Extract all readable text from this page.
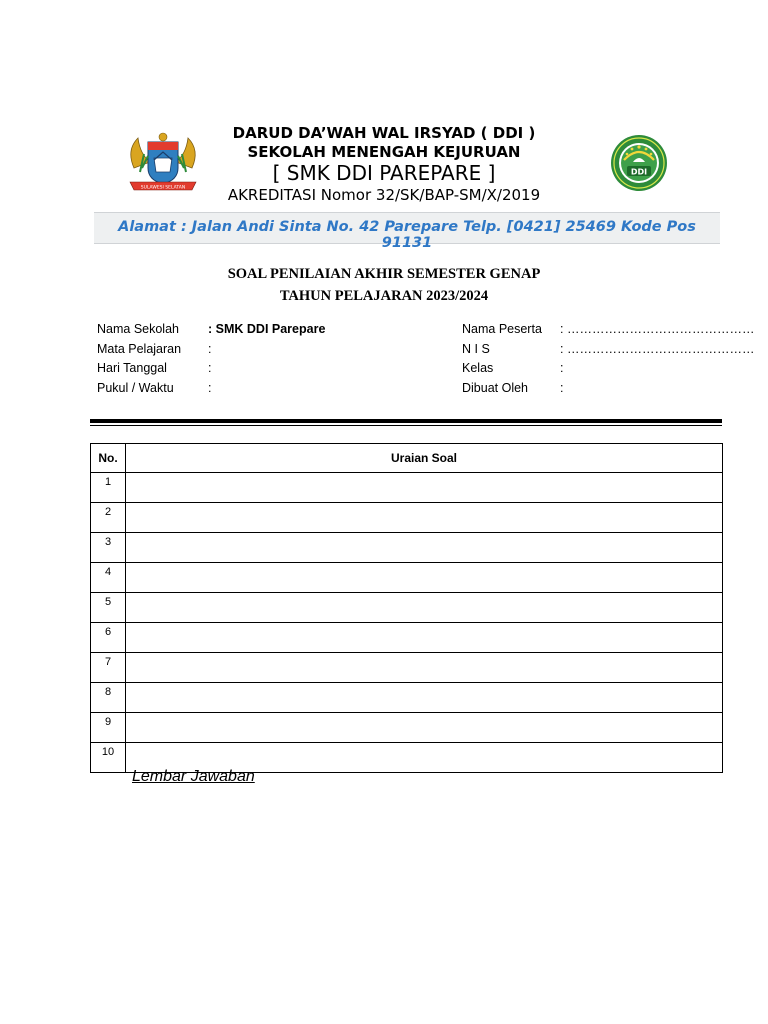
SULAWESI SELATAN
DDI
DARUD DA’WAH WAL IRSYAD ( DDI )
SEKOLAH MENENGAH KEJURUAN
[ SMK DDI PAREPARE ]
AKREDITASI Nomor 32/SK/BAP-SM/X/2019
Alamat : Jalan Andi Sinta No. 42 Parepare Telp. [0421] 25469 Kode Pos 91131
SOAL PENILAIAN AKHIR SEMESTER GENAP
TAHUN PELAJARAN 2023/2024
Nama Sekolah : SMK DDI Parepare
Mata Pelajaran :
Hari Tanggal	:
Pukul / Waktu	:
Nama Peserta : ………………………………………
N I S	: ………………………………………
Kelas	:
Dibuat Oleh	:
No.	Uraian Soal
1	
2	
3	
4	
5	
6	
7	
8	
9	
10	
Lembar Jawaban
